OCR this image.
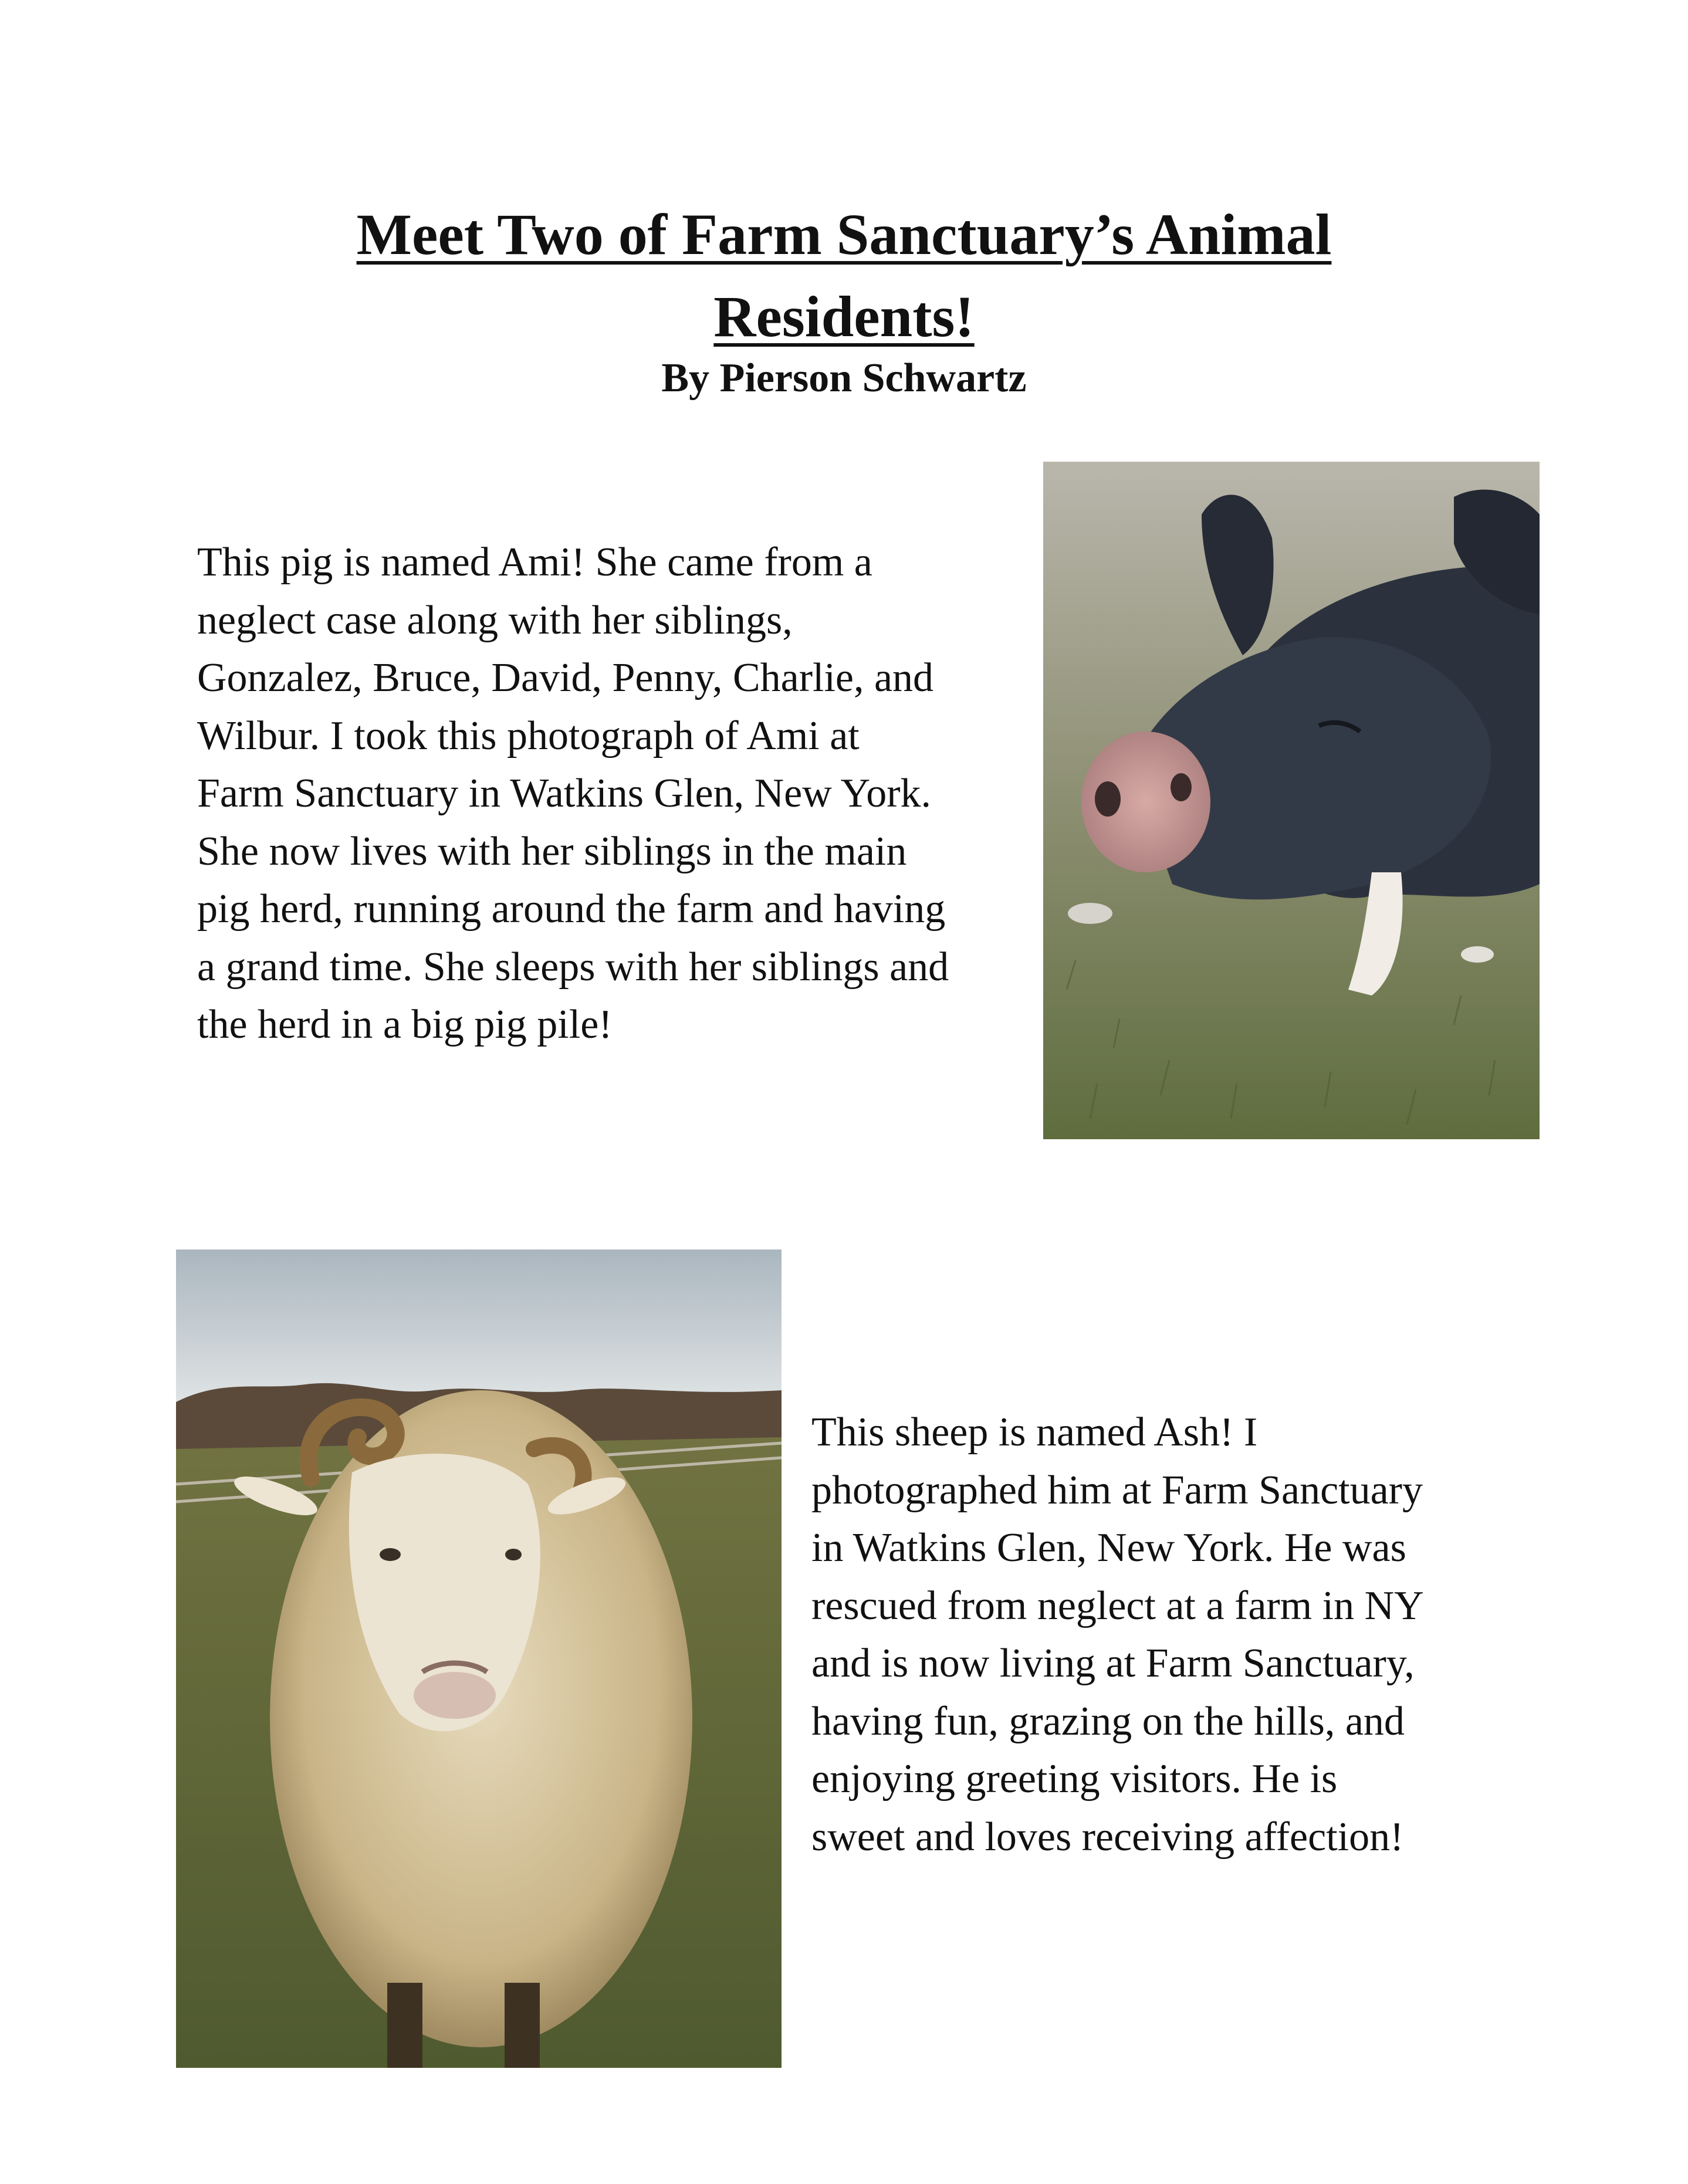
Meet Two of Farm Sanctuary’s Animal
Residents!
By Pierson Schwartz
This pig is named Ami! She came from a
neglect case along with her siblings,
Gonzalez, Bruce, David, Penny, Charlie, and
Wilbur. I took this photograph of Ami at
Farm Sanctuary in Watkins Glen, New York.
She now lives with her siblings in the main
pig herd, running around the farm and having
a grand time. She sleeps with her siblings and
the herd in a big pig pile!
This sheep is named Ash! I
photographed him at Farm Sanctuary
in Watkins Glen, New York. He was
rescued from neglect at a farm in NY
and is now living at Farm Sanctuary,
having fun, grazing on the hills, and
enjoying greeting visitors. He is
sweet and loves receiving affection!
